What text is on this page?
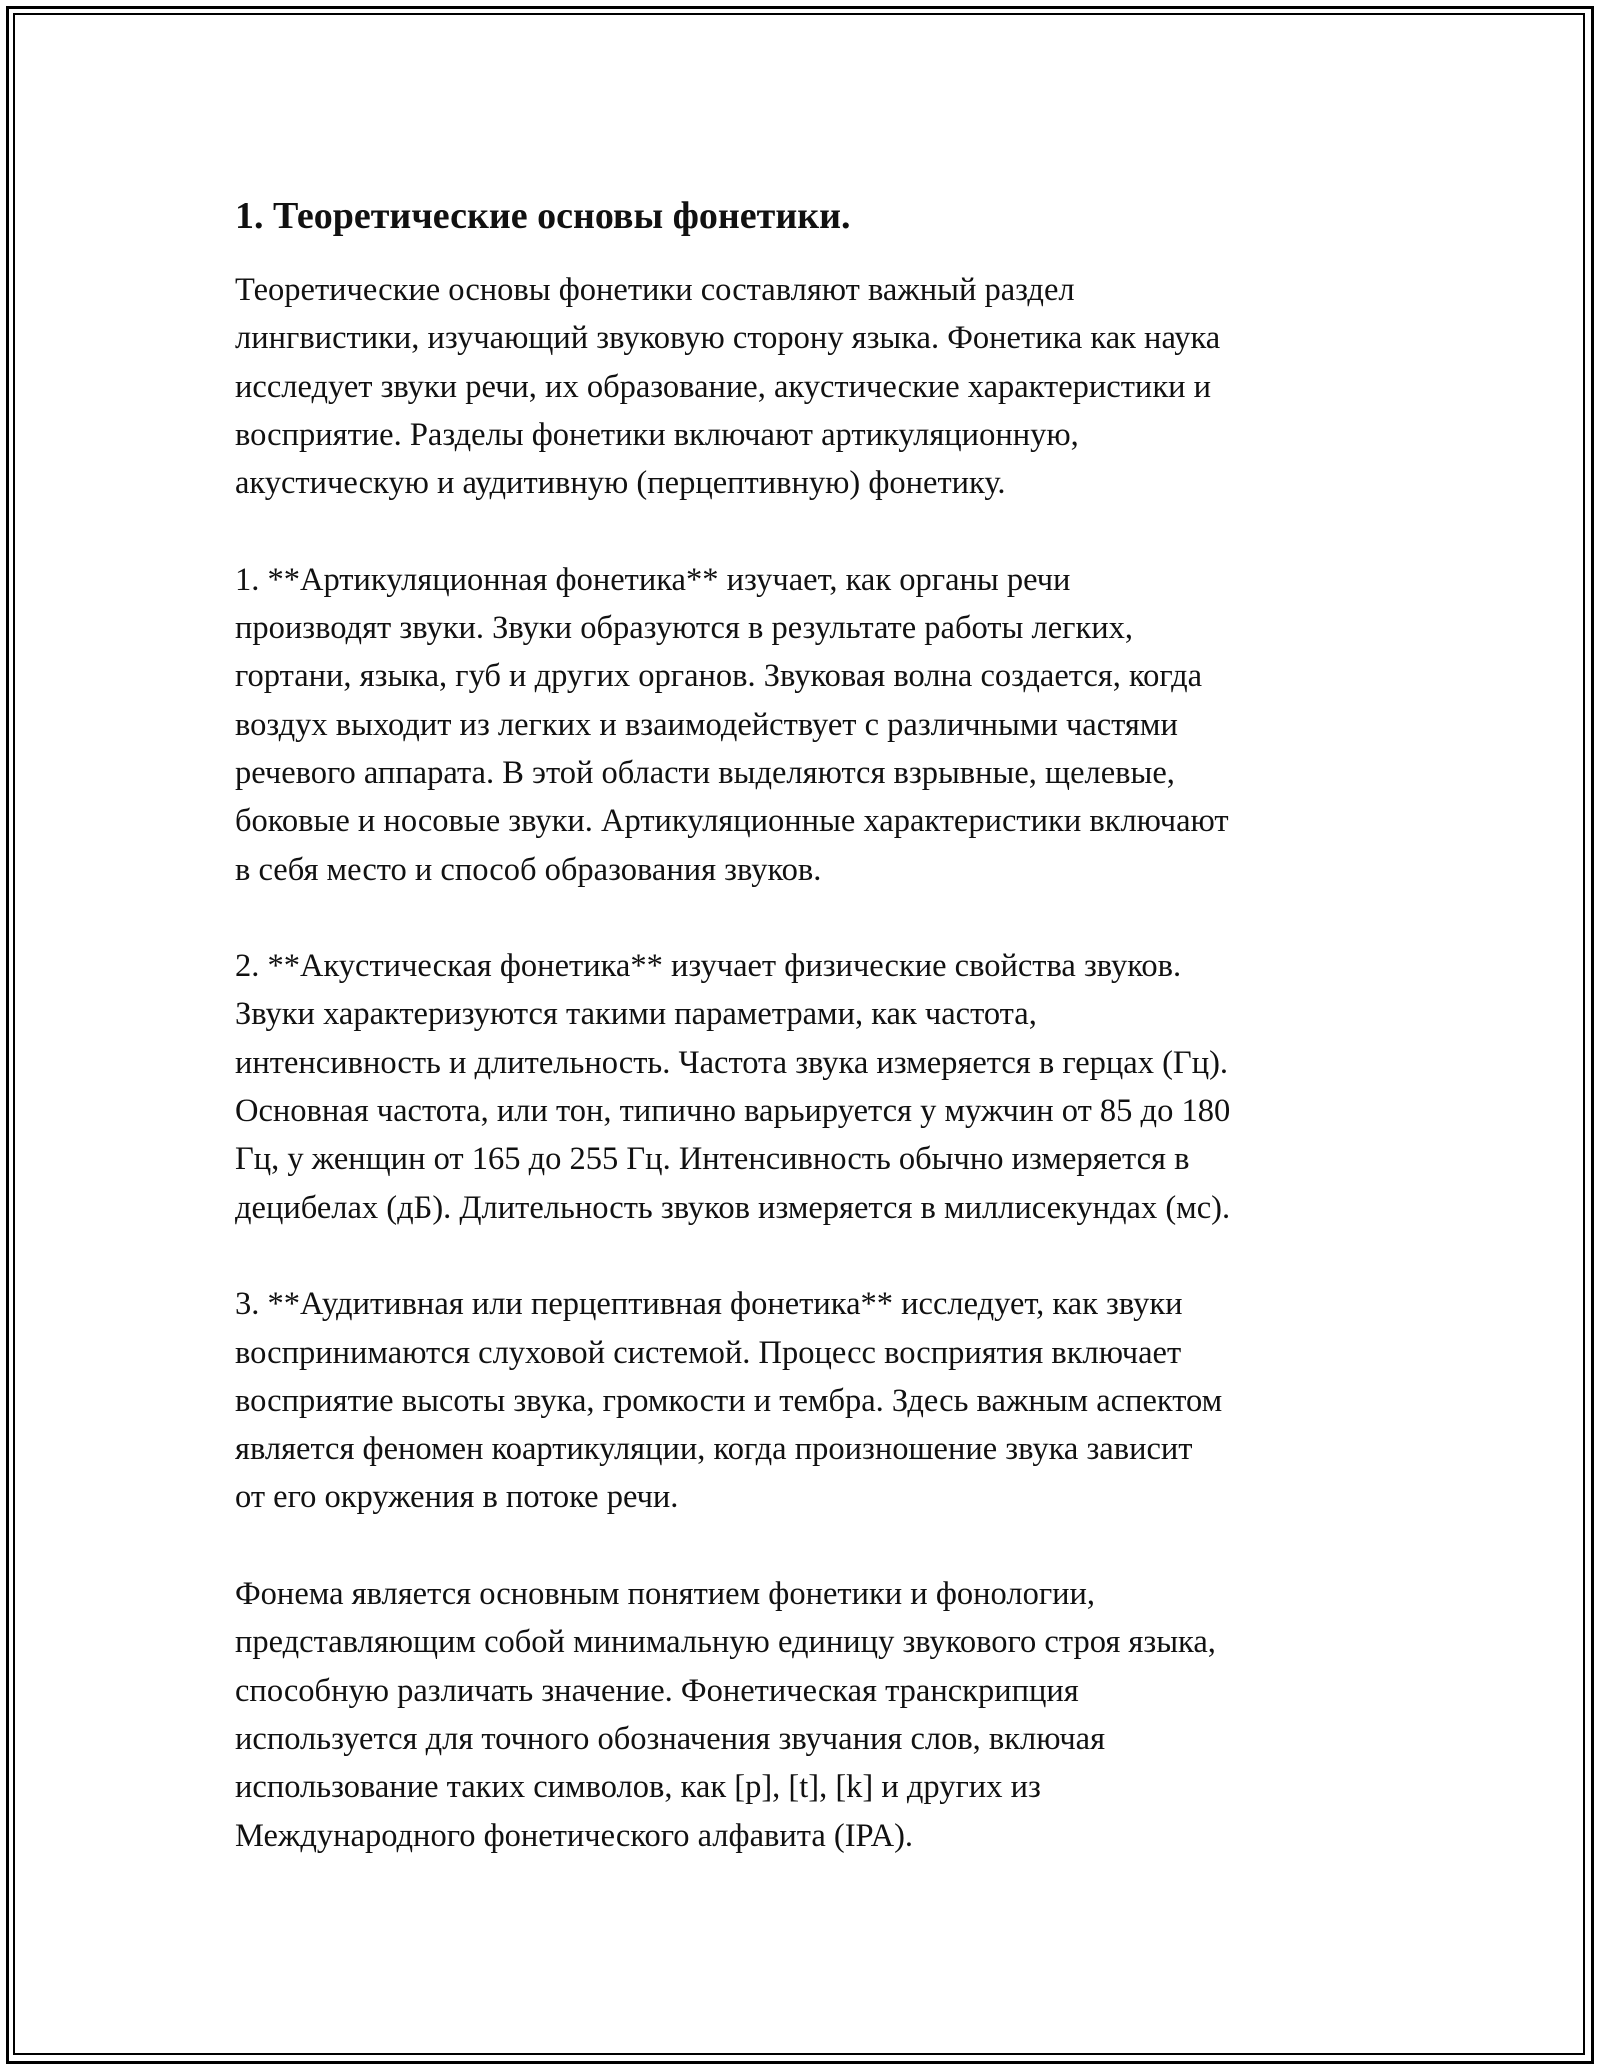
1. Теоретические основы фонетики.

Теоретические основы фонетики составляют важный раздел
лингвистики, изучающий звуковую сторону языка. Фонетика как наука
исследует звуки речи, их образование, акустические характеристики и
восприятие. Разделы фонетики включают артикуляционную,
акустическую и аудитивную (перцептивную) фонетику.

1. **Артикуляционная фонетика** изучает, как органы речи
производят звуки. Звуки образуются в результате работы легких,
гортани, языка, губ и других органов. Звуковая волна создается, когда
воздух выходит из легких и взаимодействует с различными частями
речевого аппарата. В этой области выделяются взрывные, щелевые,
боковые и носовые звуки. Артикуляционные характеристики включают
в себя место и способ образования звуков.

2. **Акустическая фонетика** изучает физические свойства звуков.
Звуки характеризуются такими параметрами, как частота,
интенсивность и длительность. Частота звука измеряется в герцах (Гц).
Основная частота, или тон, типично варьируется у мужчин от 85 до 180
Гц, у женщин от 165 до 255 Гц. Интенсивность обычно измеряется в
децибелах (дБ). Длительность звуков измеряется в миллисекундах (мс).

3. **Аудитивная или перцептивная фонетика** исследует, как звуки
воспринимаются слуховой системой. Процесс восприятия включает
восприятие высоты звука, громкости и тембра. Здесь важным аспектом
является феномен коартикуляции, когда произношение звука зависит
от его окружения в потоке речи.

Фонема является основным понятием фонетики и фонологии,
представляющим собой минимальную единицу звукового строя языка,
способную различать значение. Фонетическая транскрипция
используется для точного обозначения звучания слов, включая
использование таких символов, как [p], [t], [k] и других из
Международного фонетического алфавита (IPA).
